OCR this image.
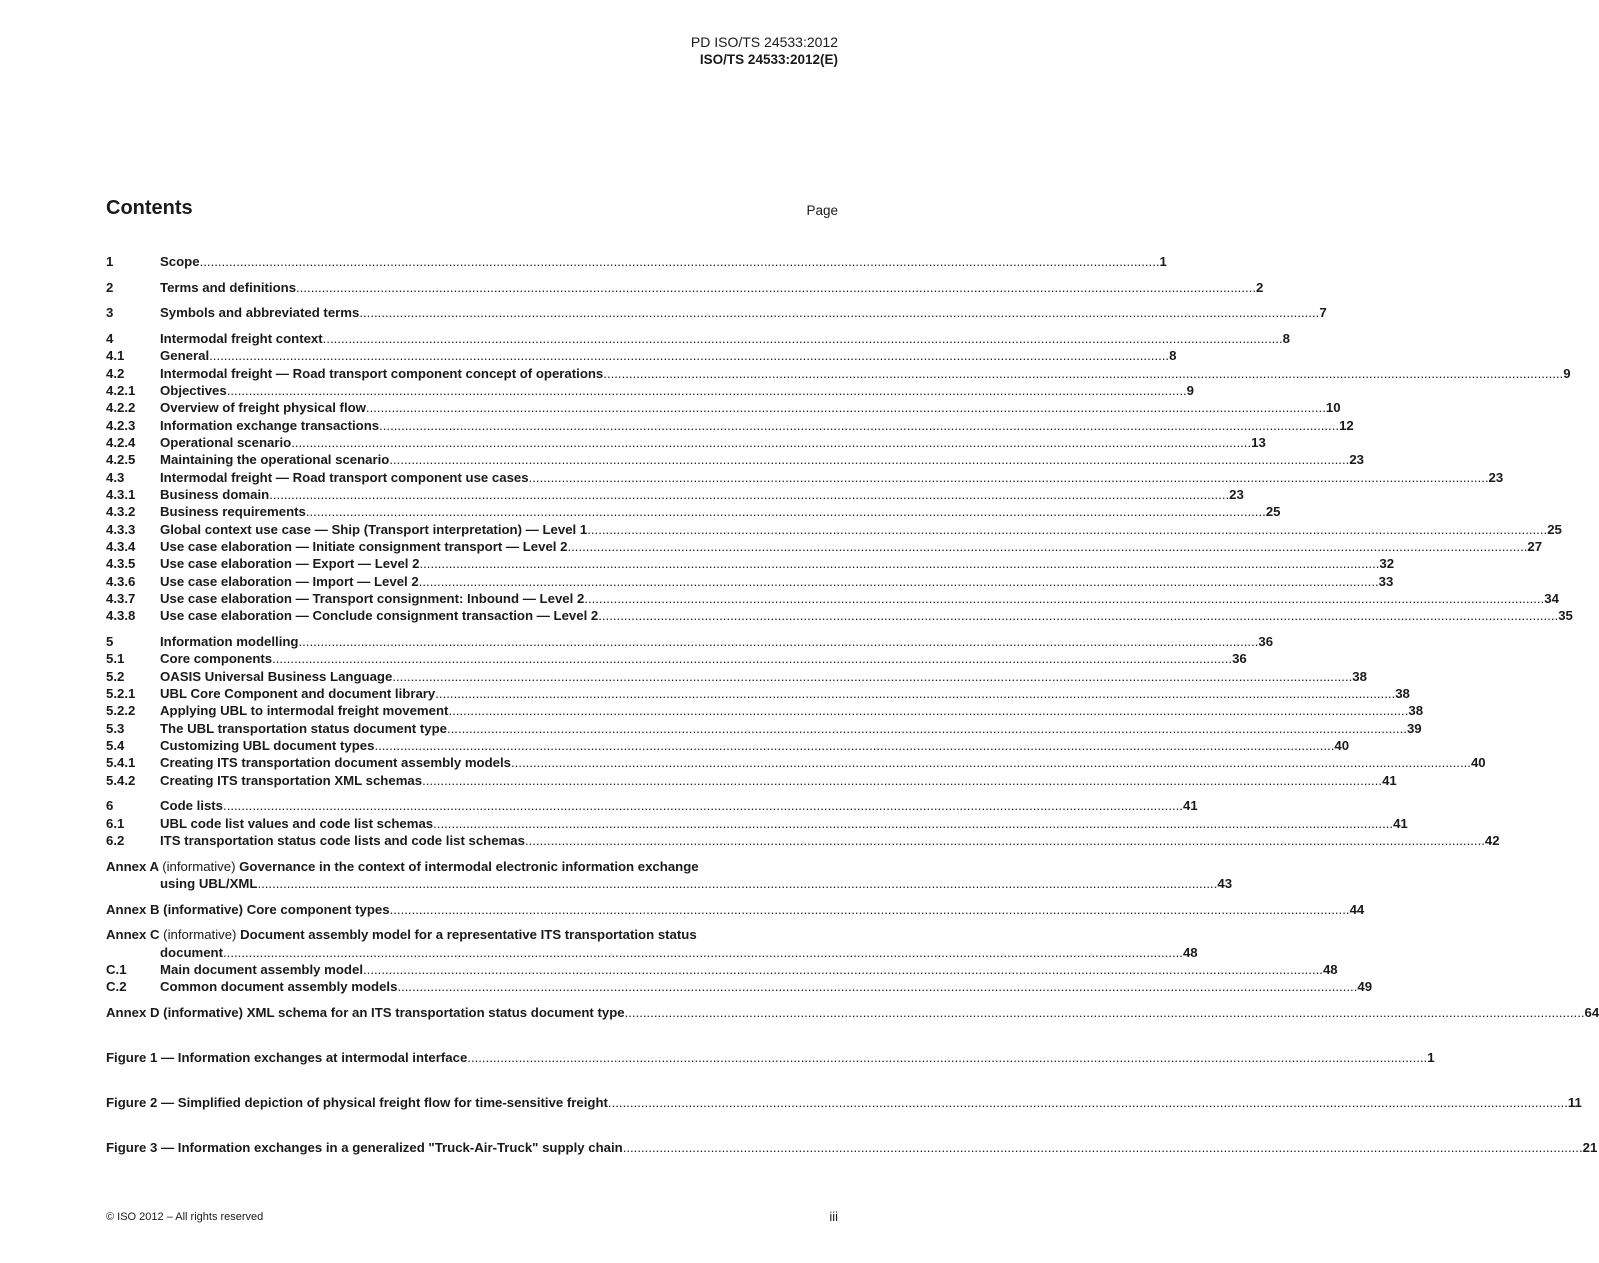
PD ISO/TS 24533:2012
ISO/TS 24533:2012(E)
Contents	Page
1	Scope .....	1
2	Terms and definitions .....	2
3	Symbols and abbreviated terms .....	7
4	Intermodal freight context .....	8
4.1	General .....	8
4.2	Intermodal freight — Road transport component concept of operations .....	9
4.2.1	Objectives .....	9
4.2.2	Overview of freight physical flow .....	10
4.2.3	Information exchange transactions .....	12
4.2.4	Operational scenario .....	13
4.2.5	Maintaining the operational scenario .....	23
4.3	Intermodal freight — Road transport component use cases .....	23
4.3.1	Business domain .....	23
4.3.2	Business requirements .....	25
4.3.3	Global context use case — Ship (Transport interpretation) — Level 1 .....	25
4.3.4	Use case elaboration — Initiate consignment transport — Level 2 .....	27
4.3.5	Use case elaboration — Export — Level 2 .....	32
4.3.6	Use case elaboration — Import — Level 2 .....	33
4.3.7	Use case elaboration — Transport consignment: Inbound — Level 2 .....	34
4.3.8	Use case elaboration — Conclude consignment transaction — Level 2 .....	35
5	Information modelling .....	36
5.1	Core components .....	36
5.2	OASIS Universal Business Language .....	38
5.2.1	UBL Core Component and document library .....	38
5.2.2	Applying UBL to intermodal freight movement .....	38
5.3	The UBL transportation status document type .....	39
5.4	Customizing UBL document types .....	40
5.4.1	Creating ITS transportation document assembly models .....	40
5.4.2	Creating ITS transportation XML schemas .....	41
6	Code lists .....	41
6.1	UBL code list values and code list schemas .....	41
6.2	ITS transportation status code lists and code list schemas .....	42
Annex A (informative) Governance in the context of intermodal electronic information exchange
using UBL/XML .....	43
Annex B (informative) Core component types .....	44
Annex C (informative) Document assembly model for a representative ITS transportation status
document .....	48
C.1	Main document assembly model .....	48
C.2	Common document assembly models .....	49
Annex D (informative) XML schema for an ITS transportation status document type .....	64
Figure 1 — Information exchanges at intermodal interface .....	1
Figure 2 — Simplified depiction of physical freight flow for time-sensitive freight .....	11
Figure 3 — Information exchanges in a generalized "Truck-Air-Truck" supply chain .....	21
© ISO 2012 – All rights reserved	iii
